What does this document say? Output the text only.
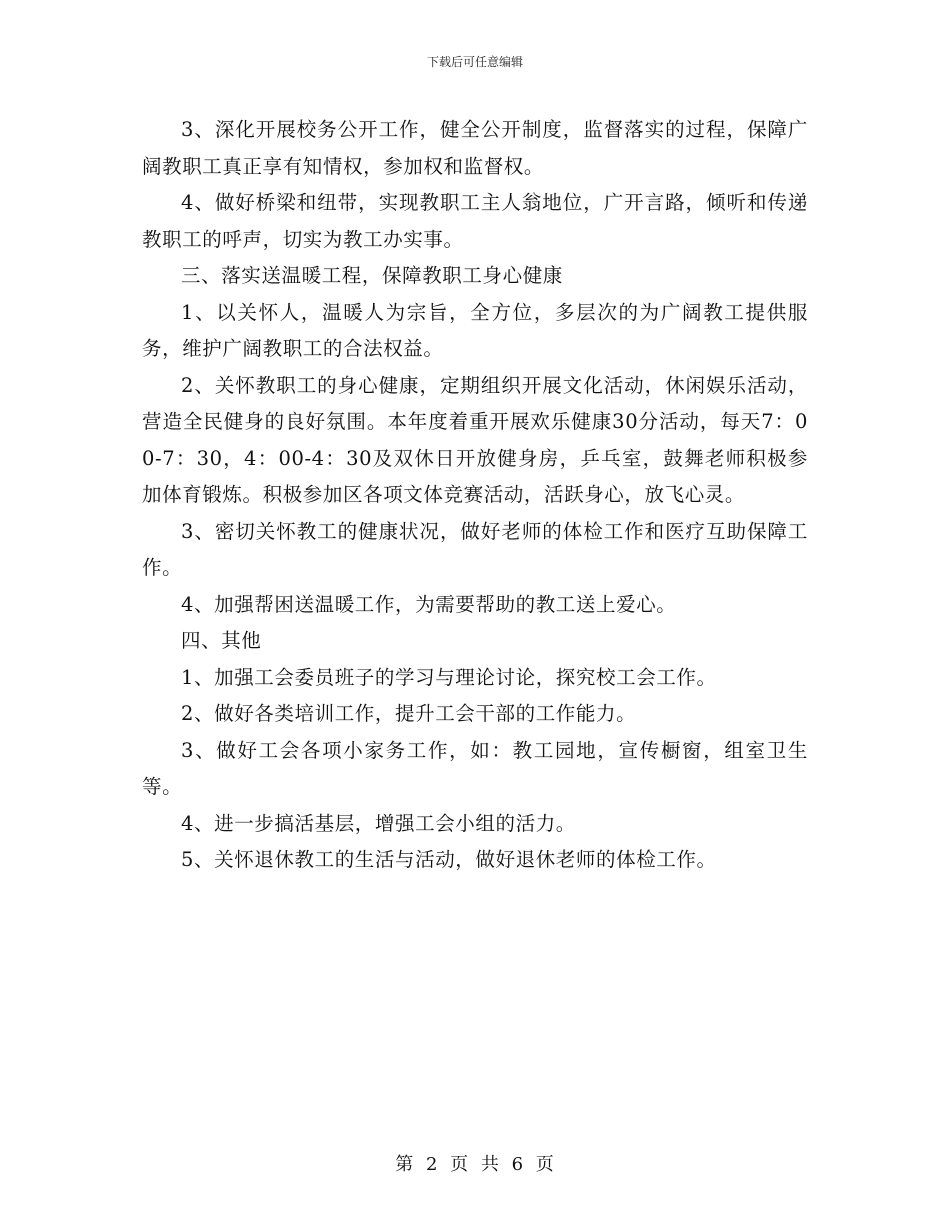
下载后可任意编辑

3、深化开展校务公开工作，健全公开制度，监督落实的过程，保障广阔教职工真正享有知情权，参加权和监督权。

4、做好桥梁和纽带，实现教职工主人翁地位，广开言路，倾听和传递教职工的呼声，切实为教工办实事。

三、落实送温暖工程，保障教职工身心健康

1、以关怀人，温暖人为宗旨，全方位，多层次的为广阔教工提供服务，维护广阔教职工的合法权益。

2、关怀教职工的身心健康，定期组织开展文化活动，休闲娱乐活动，营造全民健身的良好氛围。本年度着重开展欢乐健康30分活动，每天7：00-7：30，4：00-4：30及双休日开放健身房，乒乓室，鼓舞老师积极参加体育锻炼。积极参加区各项文体竞赛活动，活跃身心，放飞心灵。

3、密切关怀教工的健康状况，做好老师的体检工作和医疗互助保障工作。

4、加强帮困送温暖工作，为需要帮助的教工送上爱心。

四、其他

1、加强工会委员班子的学习与理论讨论，探究校工会工作。

2、做好各类培训工作，提升工会干部的工作能力。

3、做好工会各项小家务工作，如：教工园地，宣传橱窗，组室卫生等。

4、进一步搞活基层，增强工会小组的活力。

5、关怀退休教工的生活与活动，做好退休老师的体检工作。

第 2 页 共 6 页
